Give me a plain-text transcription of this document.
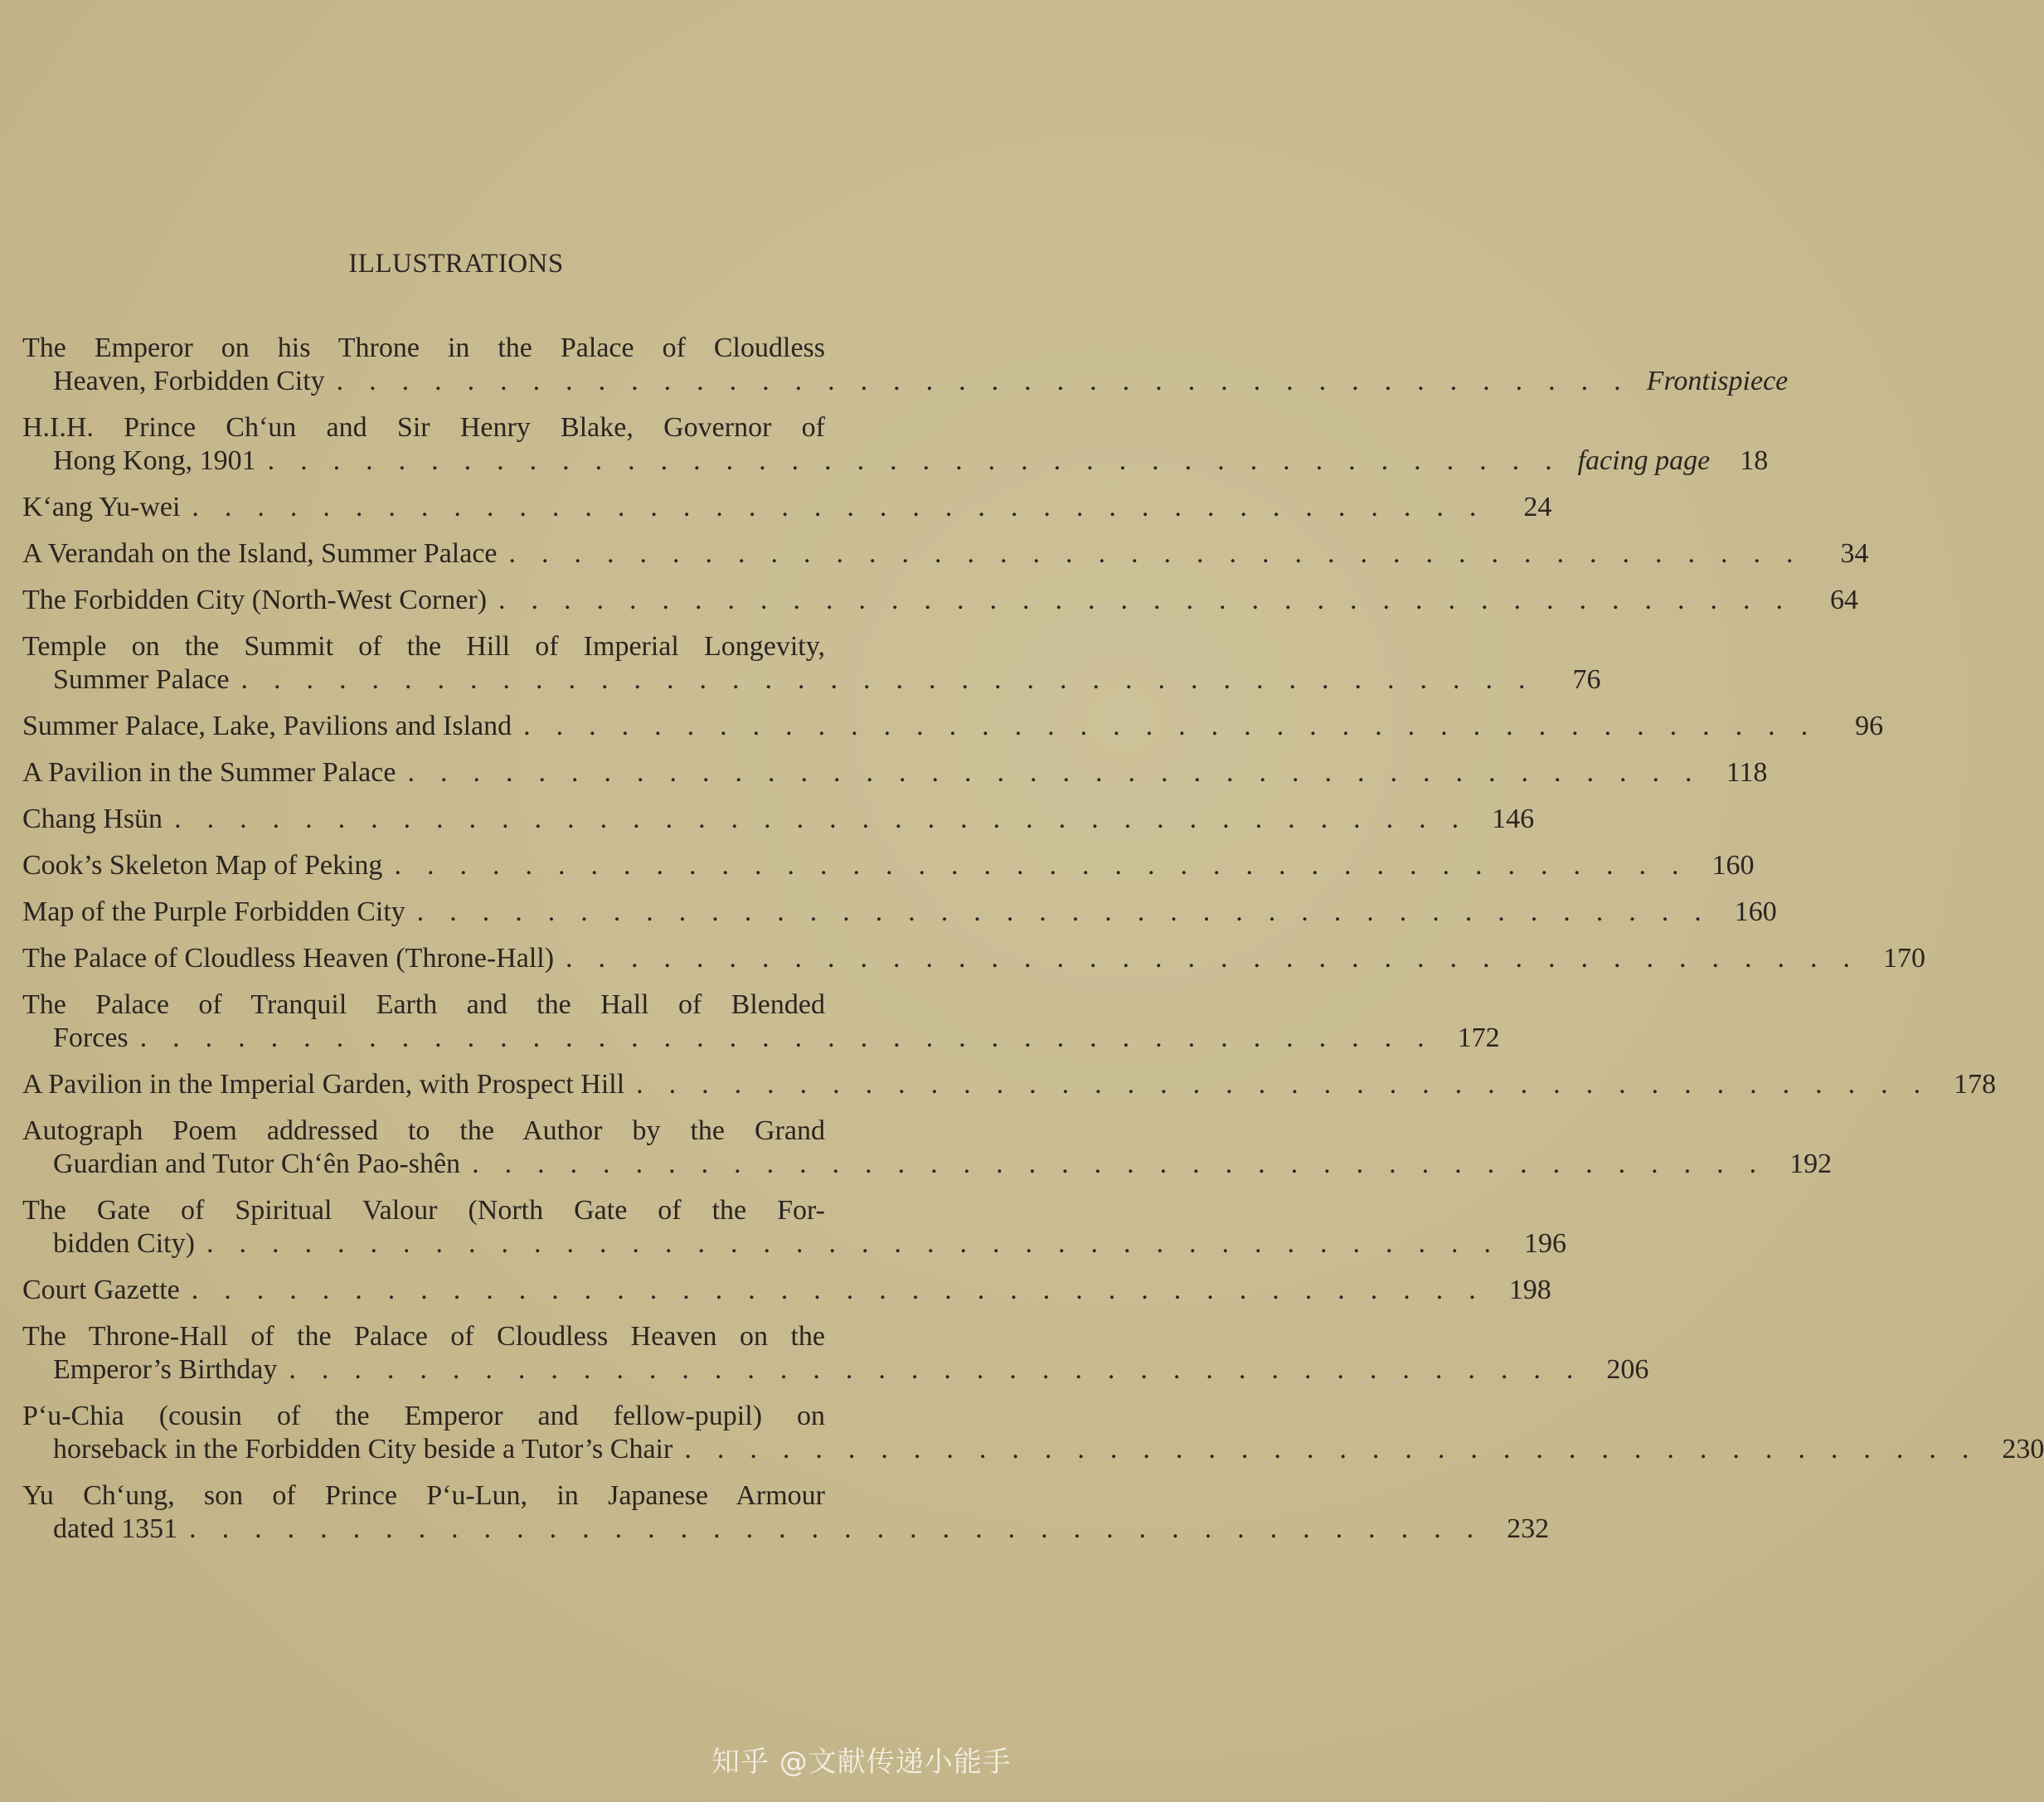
ILLUSTRATIONS
The Emperor on his Throne in the Palace of Cloudless
Heaven, Forbidden City ........................................ Frontispiece
H.I.H. Prince Ch‘un and Sir Henry Blake, Governor of
Hong Kong, 1901 ........................................ facing page	18
K‘ang Yu-wei ........................................ 24
A Verandah on the Island, Summer Palace ........................................ 34
The Forbidden City (North-West Corner) ........................................ 64
Temple on the Summit of the Hill of Imperial Longevity,
Summer Palace ........................................ 76
Summer Palace, Lake, Pavilions and Island ........................................ 96
A Pavilion in the Summer Palace ........................................ 118
Chang Hsün ........................................ 146
Cook’s Skeleton Map of Peking ........................................ 160
Map of the Purple Forbidden City ........................................ 160
The Palace of Cloudless Heaven (Throne-Hall) ........................................ 170
The Palace of Tranquil Earth and the Hall of Blended
Forces ........................................ 172
A Pavilion in the Imperial Garden, with Prospect Hill ........................................ 178
Autograph Poem addressed to the Author by the Grand
Guardian and Tutor Ch‘ên Pao-shên ........................................ 192
The Gate of Spiritual Valour (North Gate of the For-
bidden City) ........................................ 196
Court Gazette ........................................ 198
The Throne-Hall of the Palace of Cloudless Heaven on the
Emperor’s Birthday ........................................ 206
P‘u-Chia (cousin of the Emperor and fellow-pupil) on
horseback in the Forbidden City beside a Tutor’s Chair ........................................ 230
Yu Ch‘ung, son of Prince P‘u-Lun, in Japanese Armour
dated 1351 ........................................ 232
知乎 @文献传递小能手
